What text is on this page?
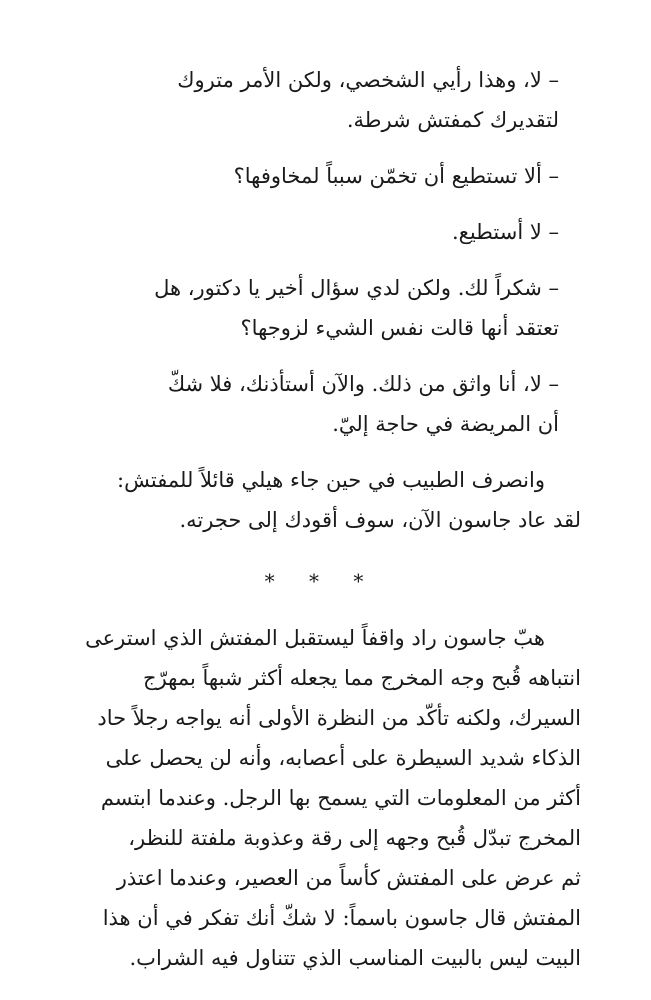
– لا، وهذا رأيي الشخصي، ولكن الأمر متروك
لتقديرك كمفتش شرطة.

– ألا تستطيع أن تخمّن سبباً لمخاوفها؟

– لا أستطيع.

– شكراً لك. ولكن لدي سؤال أخير يا دكتور، هل
تعتقد أنها قالت نفس الشيء لزوجها؟

– لا، أنا واثق من ذلك. والآن أستأذنك، فلا شكّ
أن المريضة في حاجة إليّ.

وانصرف الطبيب في حين جاء هيلي قائلاً للمفتش:
لقد عاد جاسون الآن، سوف أقودك إلى حجرته.

* * *

هبّ جاسون راد واقفاً ليستقبل المفتش الذي استرعى
انتباهه قُبح وجه المخرج مما يجعله أكثر شبهاً بمهرّج
السيرك، ولكنه تأكّد من النظرة الأولى أنه يواجه رجلاً حاد
الذكاء شديد السيطرة على أعصابه، وأنه لن يحصل على
أكثر من المعلومات التي يسمح بها الرجل. وعندما ابتسم
المخرج تبدّل قُبح وجهه إلى رقة وعذوبة ملفتة للنظر،
ثم عرض على المفتش كأساً من العصير، وعندما اعتذر
المفتش قال جاسون باسماً: لا شكّ أنك تفكر في أن هذا
البيت ليس بالبيت المناسب الذي تتناول فيه الشراب.
